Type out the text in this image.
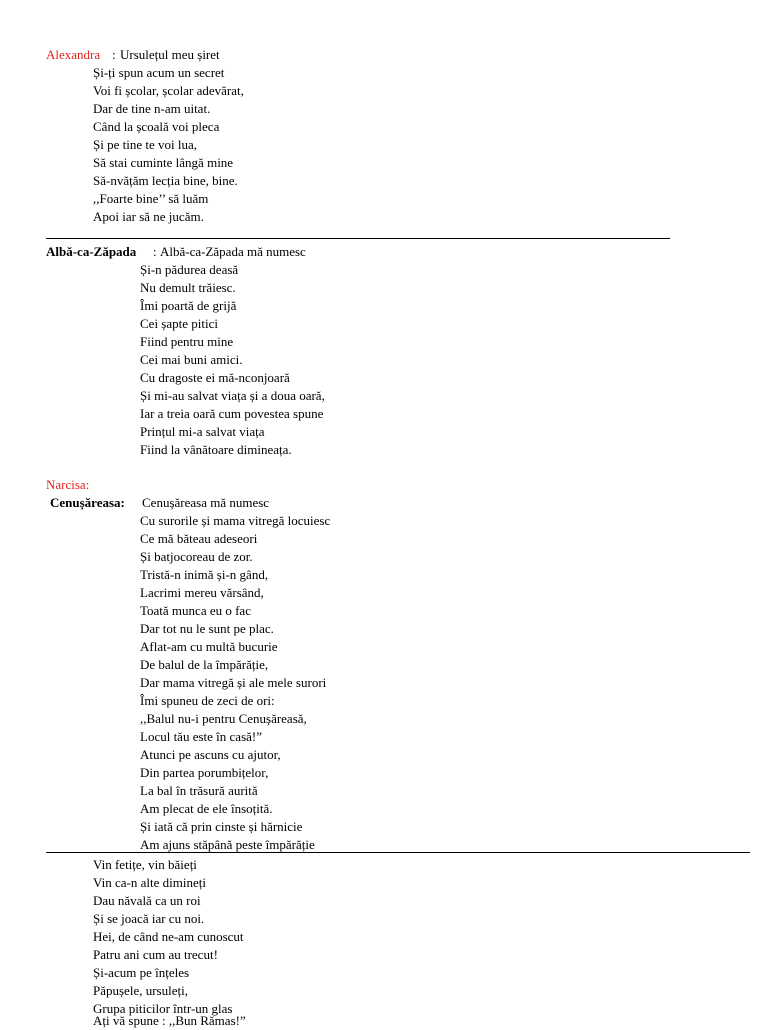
Alexandra : Ursulețul meu șiret
Și-ți spun acum un secret
Voi fi școlar, școlar adevărat,
Dar de tine n-am uitat.
Când la școală voi pleca
Și pe tine te voi lua,
Să stai cuminte lângă mine
Să-nvățăm lecția bine, bine.
,,Foarte bine’’ să luăm
Apoi iar să ne jucăm.
Albă-ca-Zăpada : Albă-ca-Zăpada mă numesc
Și-n pădurea deasă
Nu demult trăiesc.
Îmi poartă de grijă
Cei șapte pitici
Fiind pentru mine
Cei mai buni amici.
Cu dragoste ei mă-nconjoară
Și mi-au salvat viața și a doua oară,
Iar a treia oară cum povestea spune
Prințul mi-a salvat viața
Fiind la vânătoare dimineața.
Narcisa:
Cenușăreasa: Cenușăreasa mă numesc
Cu surorile și mama vitregă locuiesc
Ce mă băteau adeseori
Și batjocoreau de zor.
Tristă-n inimă și-n gând,
Lacrimi mereu vărsând,
Toată munca eu o fac
Dar tot nu le sunt pe plac.
Aflat-am cu multă bucurie
De balul de la împărăție,
Dar mama vitregă și ale mele surori
Îmi spuneu de zeci de ori:
,,Balul nu-i pentru Cenușăreasă,
Locul tău este în casă!”
Atunci pe ascuns cu ajutor,
Din partea porumbițelor,
La bal în trăsură aurită
Am plecat de ele însoțită.
Și iată că prin cinste și hărnicie
Am ajuns stăpână peste împărăție
Vin fetițe, vin băieți
Vin ca-n alte dimineți
Dau năvală ca un roi
Și se joacă iar cu noi.
Hei, de când ne-am cunoscut
Patru ani cum au trecut!
Și-acum pe înțeles
Păpușele, ursuleți,
Grupa piticilor într-un glas
Ați vă spune : ,,Bun Rămas!”
